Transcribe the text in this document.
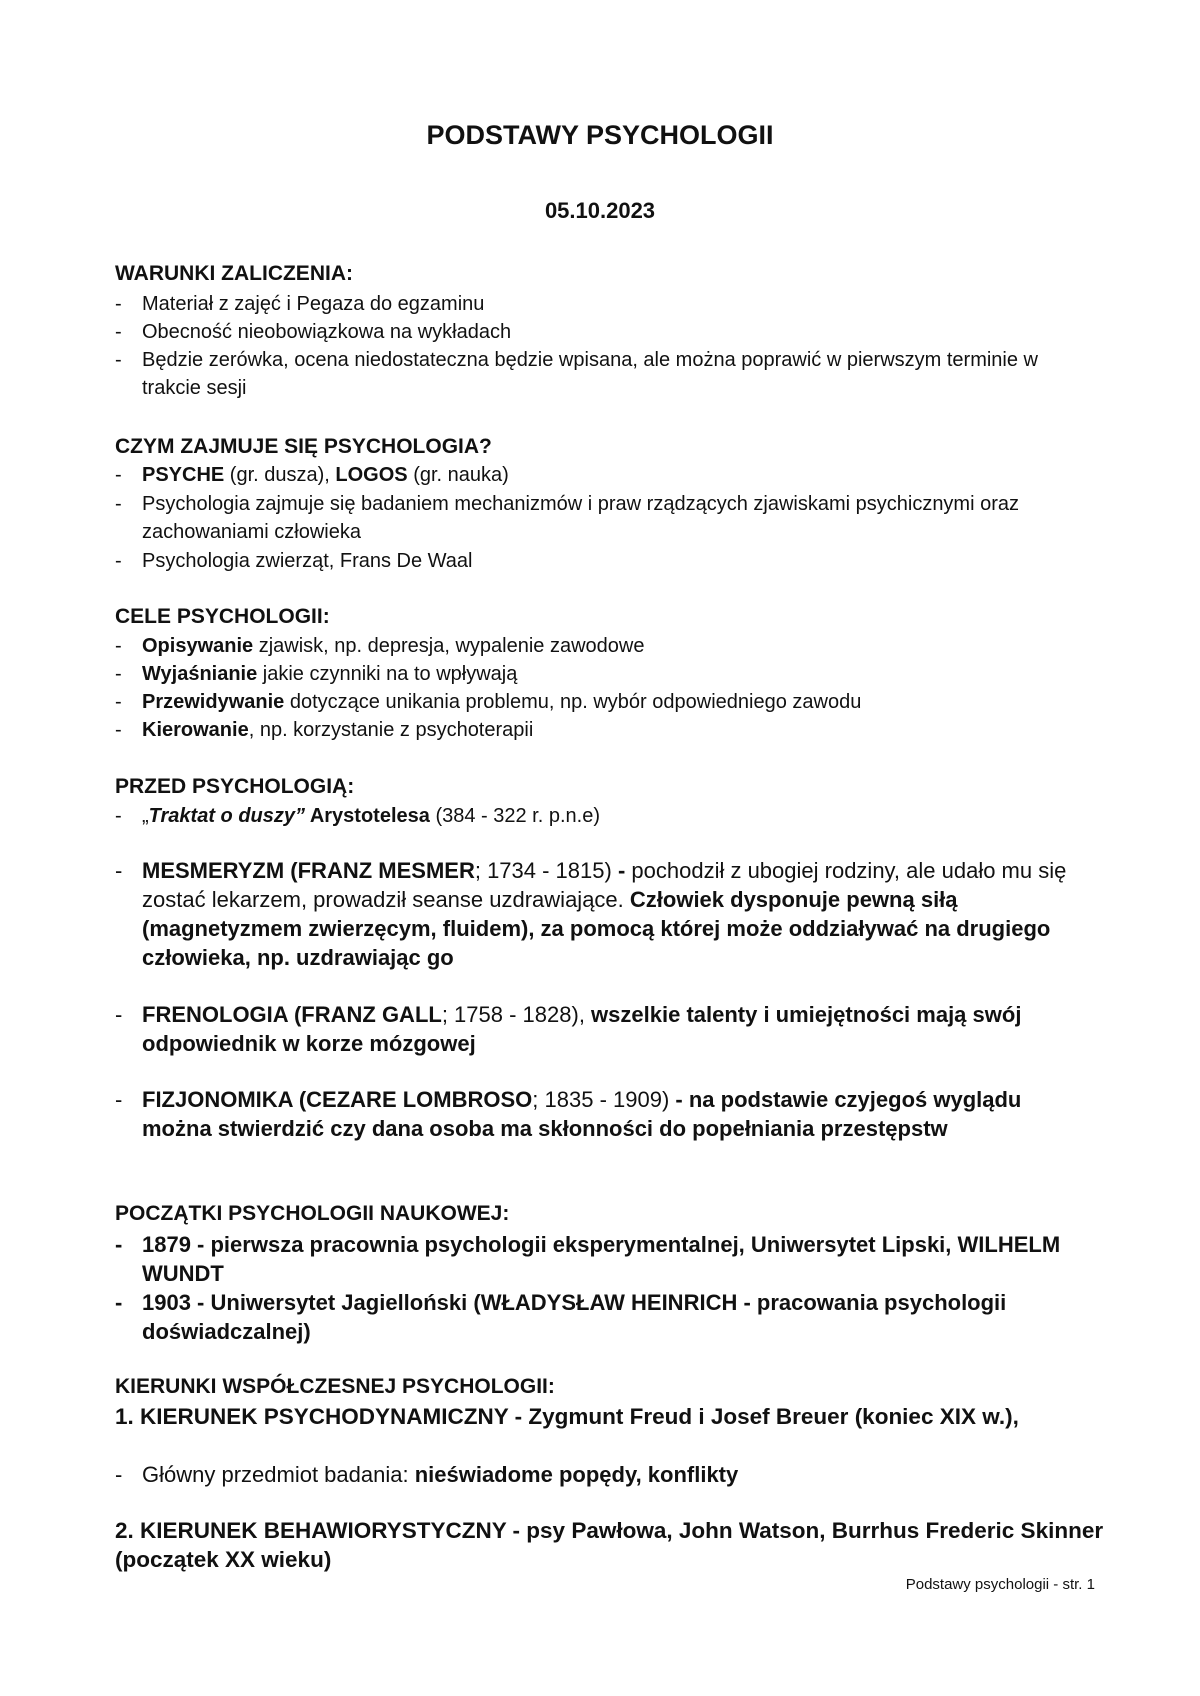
PODSTAWY PSYCHOLOGII
05.10.2023
WARUNKI ZALICZENIA:
- Materiał z zajęć i Pegaza do egzaminu
- Obecność nieobowiązkowa na wykładach
- Będzie zerówka, ocena niedostateczna będzie wpisana, ale można poprawić w pierwszym terminie w trakcie sesji
CZYM ZAJMUJE SIĘ PSYCHOLOGIA?
- PSYCHE (gr. dusza), LOGOS (gr. nauka)
- Psychologia zajmuje się badaniem mechanizmów i praw rządzących zjawiskami psychicznymi oraz zachowaniami człowieka
- Psychologia zwierząt, Frans De Waal
CELE PSYCHOLOGII:
- Opisywanie zjawisk, np. depresja, wypalenie zawodowe
- Wyjaśnianie jakie czynniki na to wpływają
- Przewidywanie dotyczące unikania problemu, np. wybór odpowiedniego zawodu
- Kierowanie, np. korzystanie z psychoterapii
PRZED PSYCHOLOGIĄ:
- „Traktat o duszy” Arystotelesa (384 - 322 r. p.n.e)
- MESMERYZM (FRANZ MESMER; 1734 - 1815) - pochodził z ubogiej rodziny, ale udało mu się zostać lekarzem, prowadził seanse uzdrawiające. Człowiek dysponuje pewną siłą (magnetyzmem zwierzęcym, fluidem), za pomocą której może oddziaływać na drugiego człowieka, np. uzdrawiając go
- FRENOLOGIA (FRANZ GALL; 1758 - 1828), wszelkie talenty i umiejętności mają swój odpowiednik w korze mózgowej
- FIZJONOMIKA (CEZARE LOMBROSO; 1835 - 1909) - na podstawie czyjegoś wyglądu można stwierdzić czy dana osoba ma skłonności do popełniania przestępstw
POCZĄTKI PSYCHOLOGII NAUKOWEJ:
- 1879 - pierwsza pracownia psychologii eksperymentalnej, Uniwersytet Lipski, WILHELM WUNDT
- 1903 - Uniwersytet Jagielloński (WŁADYSŁAW HEINRICH - pracowania psychologii doświadczalnej)
KIERUNKI WSPÓŁCZESNEJ PSYCHOLOGII:
1. KIERUNEK PSYCHODYNAMICZNY - Zygmunt Freud i Josef Breuer (koniec XIX w.),
- Główny przedmiot badania: nieświadome popędy, konflikty
2. KIERUNEK BEHAWIORYSTYCZNY - psy Pawłowa, John Watson, Burrhus Frederic Skinner (początek XX wieku)
Podstawy psychologii - str. 1
